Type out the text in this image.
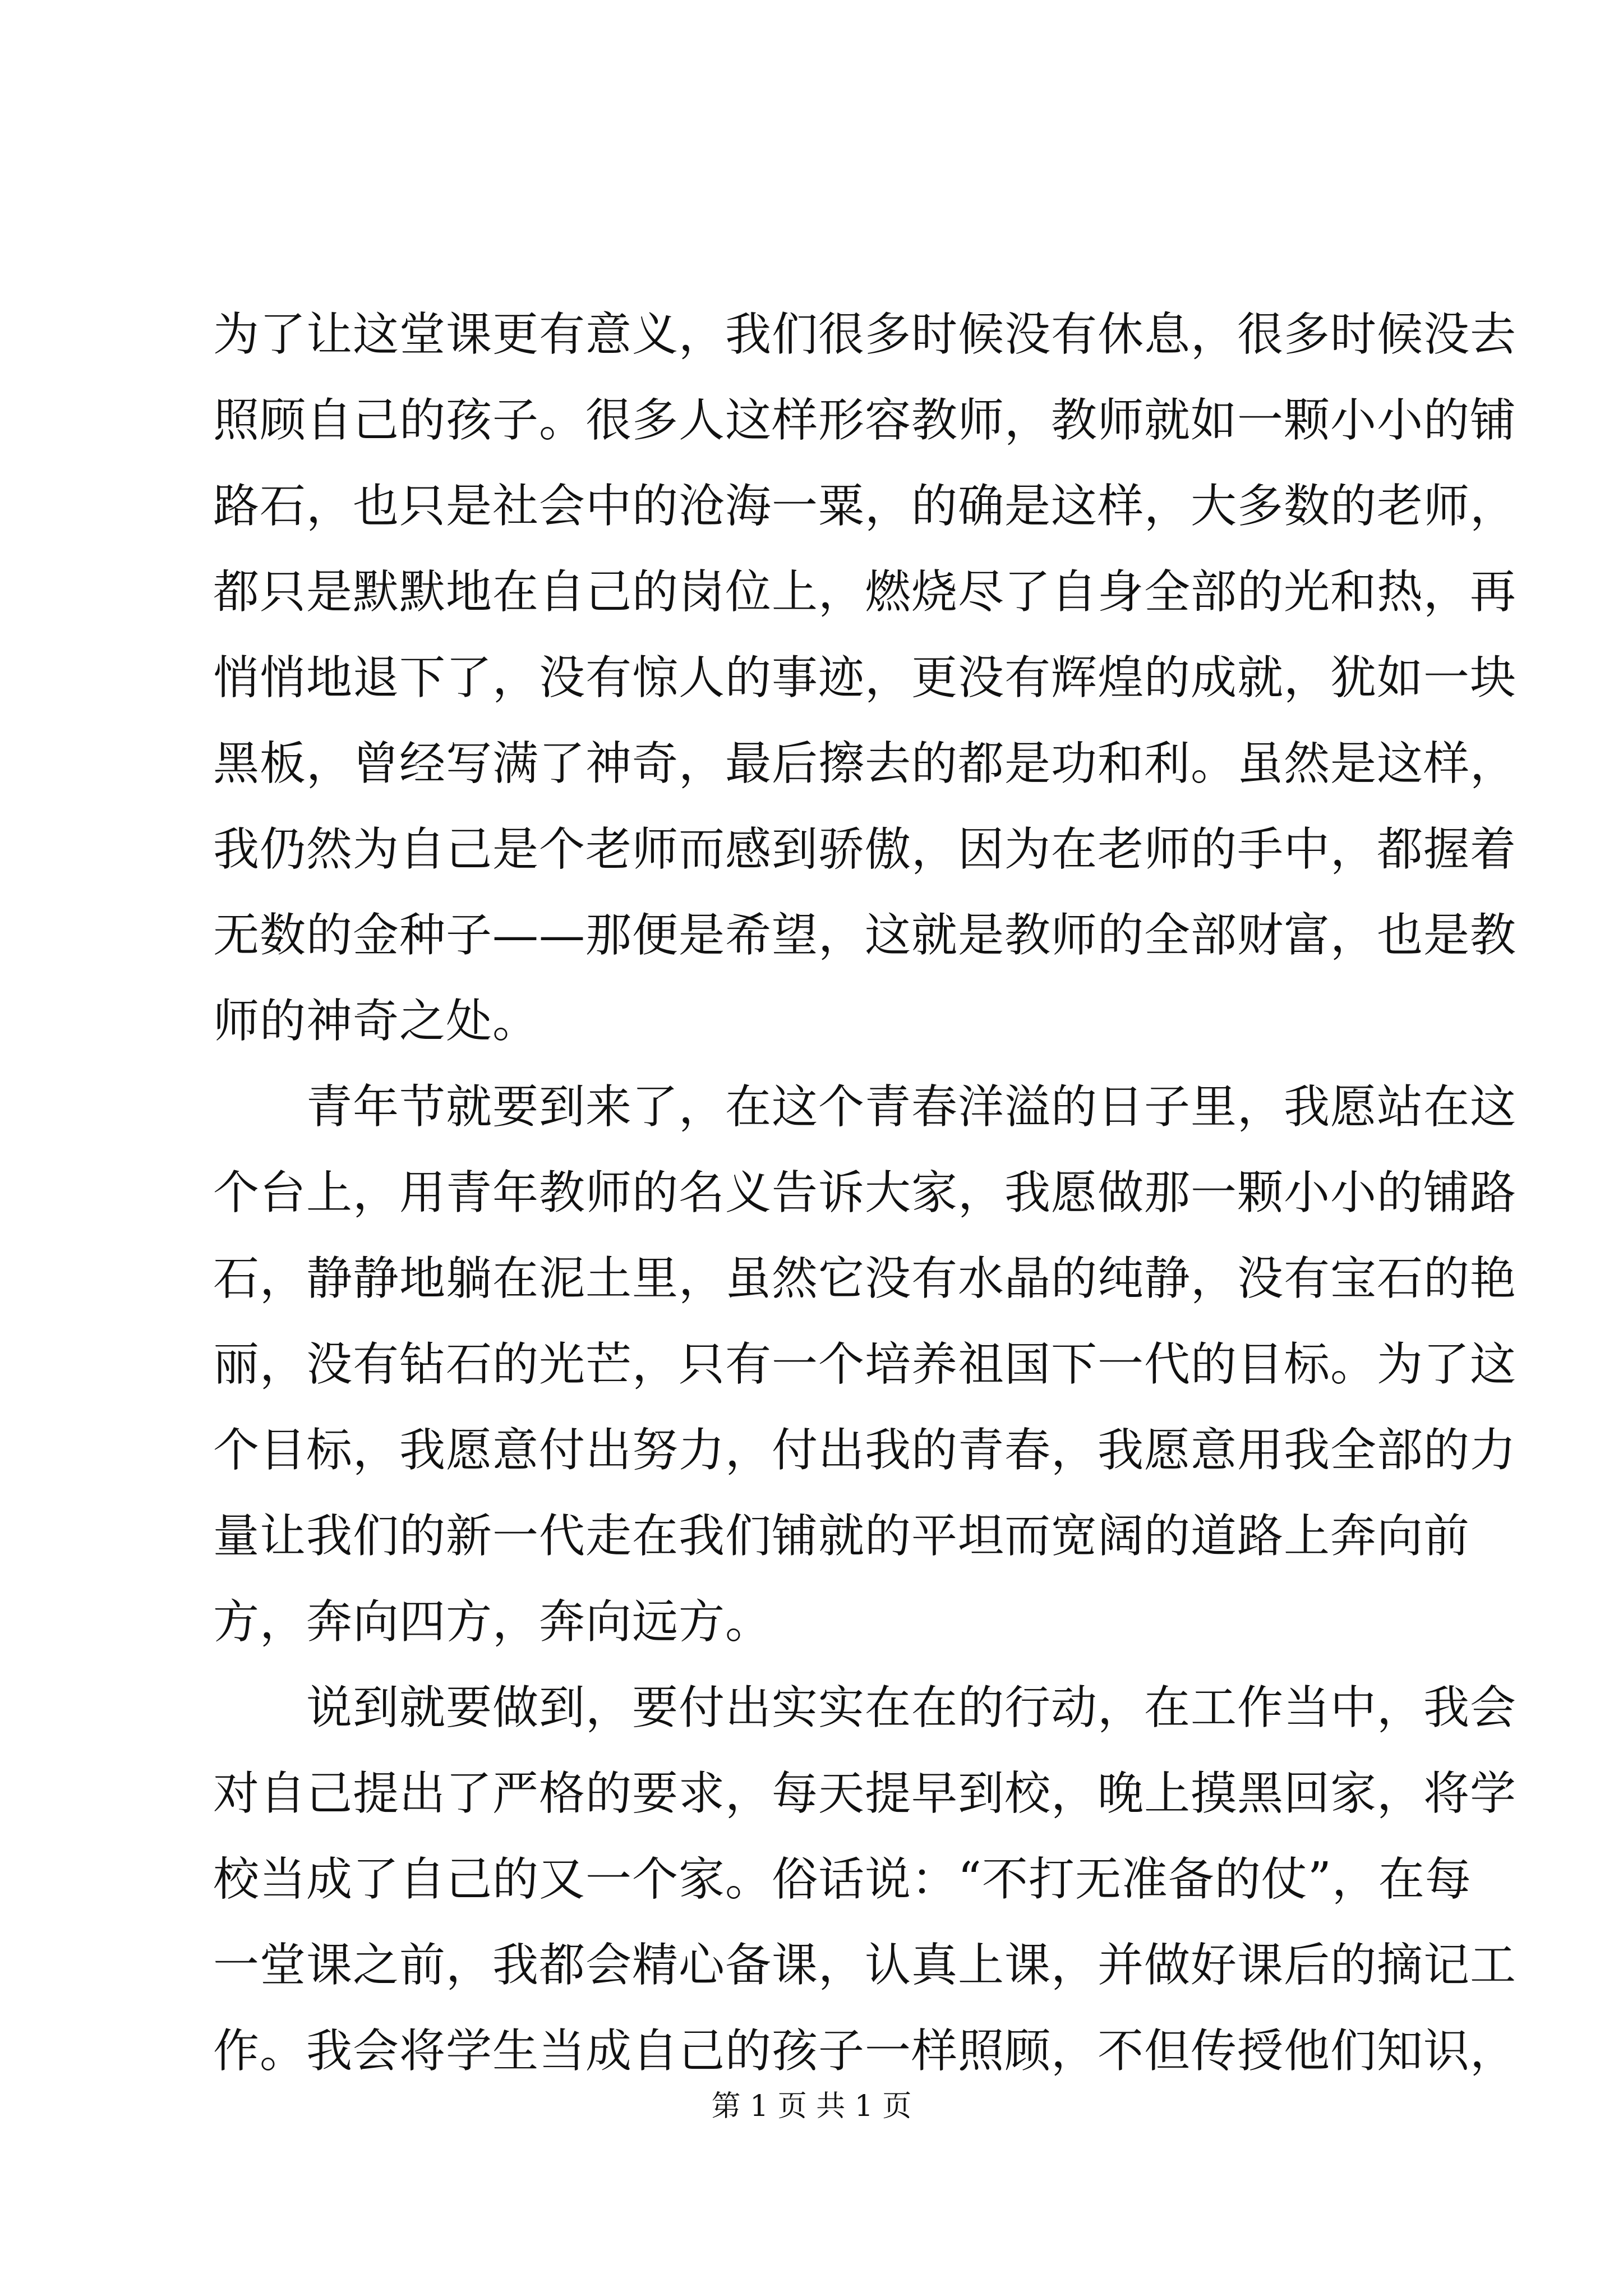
为了让这堂课更有意义，我们很多时候没有休息，很多时候没去
照顾自己的孩子。很多人这样形容教师，教师就如一颗小小的铺
路石，也只是社会中的沧海一粟，的确是这样，大多数的老师，
都只是默默地在自己的岗位上，燃烧尽了自身全部的光和热，再
悄悄地退下了，没有惊人的事迹，更没有辉煌的成就，犹如一块
黑板，曾经写满了神奇，最后擦去的都是功和利。虽然是这样，
我仍然为自己是个老师而感到骄傲，因为在老师的手中，都握着
无数的金种子——那便是希望，这就是教师的全部财富，也是教
师的神奇之处。
　　青年节就要到来了，在这个青春洋溢的日子里，我愿站在这
个台上，用青年教师的名义告诉大家，我愿做那一颗小小的铺路
石，静静地躺在泥土里，虽然它没有水晶的纯静，没有宝石的艳
丽，没有钻石的光芒，只有一个培养祖国下一代的目标。为了这
个目标，我愿意付出努力，付出我的青春，我愿意用我全部的力
量让我们的新一代走在我们铺就的平坦而宽阔的道路上奔向前
方，奔向四方，奔向远方。
　　说到就要做到，要付出实实在在的行动，在工作当中，我会
对自己提出了严格的要求，每天提早到校，晚上摸黑回家，将学
校当成了自己的又一个家。俗话说：“不打无准备的仗”，在每
一堂课之前，我都会精心备课，认真上课，并做好课后的摘记工
作。我会将学生当成自己的孩子一样照顾，不但传授他们知识，
第 1 页 共 1 页
